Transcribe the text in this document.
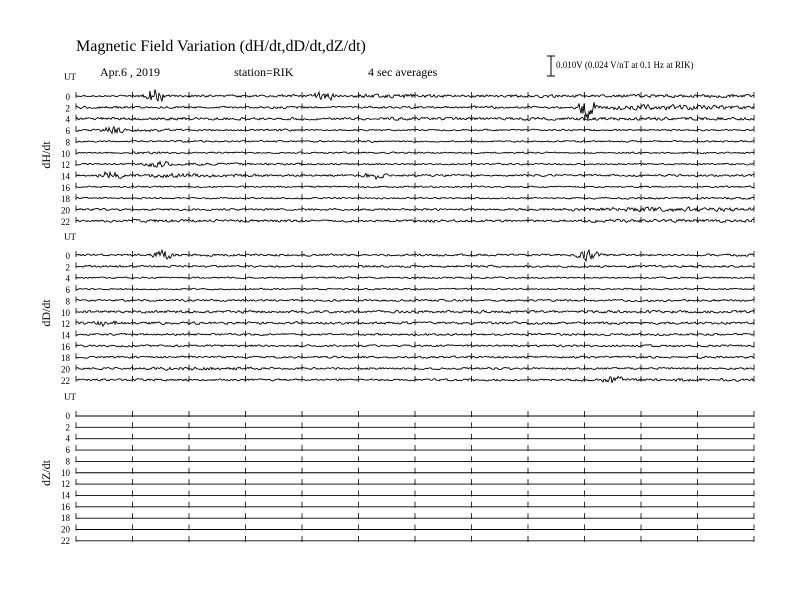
Magnetic Field Variation (dH/dt,dD/dt,dZ/dt)
Apr.6 , 2019	station=RIK	4 sec averages	0.010V (0.024 V/nT at 0.1 Hz at RIK)
UT
dH/dt
0
2
4
6
8
10
12
14
16
18
20
22
UT
dD/dt
0
2
4
6
8
10
12
14
16
18
20
22
UT
dZ/dt
0
2
4
6
8
10
12
14
16
18
20
22
